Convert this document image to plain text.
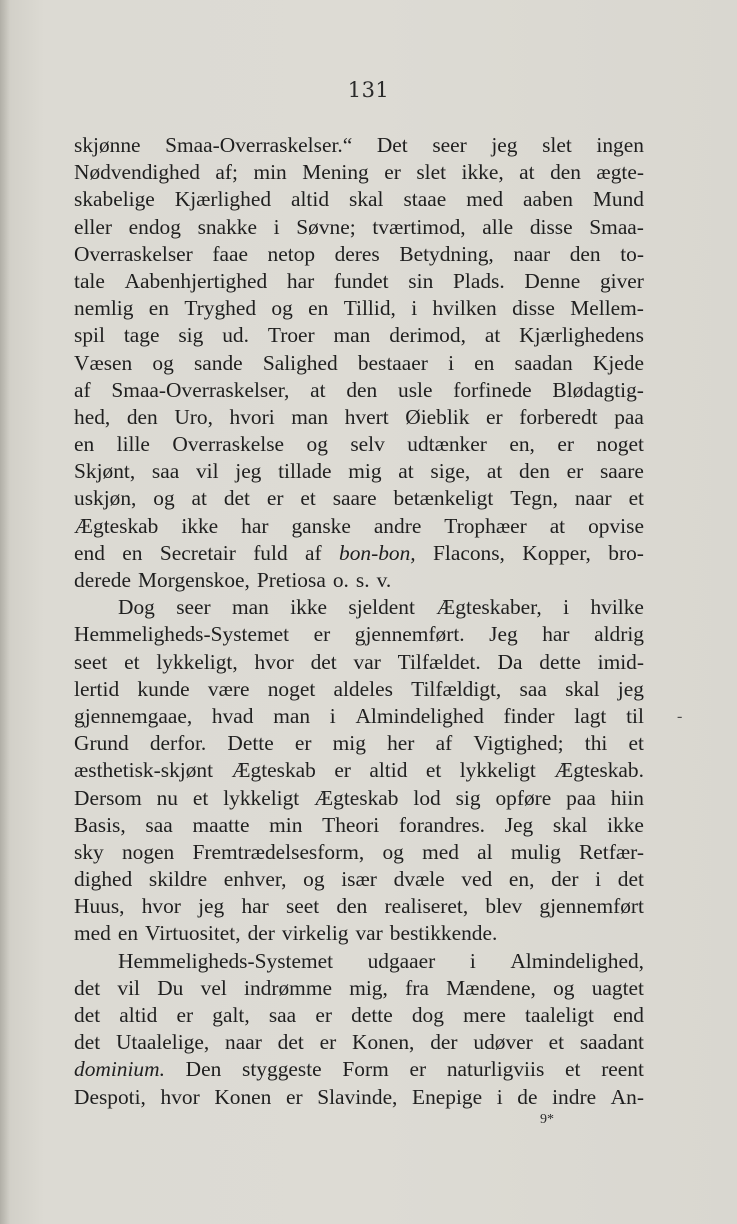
131
skjønne Smaa-Overraskelser.“ Det seer jeg slet ingen
Nødvendighed af; min Mening er slet ikke, at den ægte-
skabelige Kjærlighed altid skal staae med aaben Mund
eller endog snakke i Søvne; tværtimod, alle disse Smaa-
Overraskelser faae netop deres Betydning, naar den to-
tale Aabenhjertighed har fundet sin Plads. Denne giver
nemlig en Tryghed og en Tillid, i hvilken disse Mellem-
spil tage sig ud. Troer man derimod, at Kjærlighedens
Væsen og sande Salighed bestaaer i en saadan Kjede
af Smaa-Overraskelser, at den usle forfinede Blødagtig-
hed, den Uro, hvori man hvert Øieblik er forberedt paa
en lille Overraskelse og selv udtænker en, er noget
Skjønt, saa vil jeg tillade mig at sige, at den er saare
uskjøn, og at det er et saare betænkeligt Tegn, naar et
Ægteskab ikke har ganske andre Trophæer at opvise
end en Secretair fuld af bon-bon, Flacons, Kopper, bro-
derede Morgenskoe, Pretiosa o. s. v.
Dog seer man ikke sjeldent Ægteskaber, i hvilke
Hemmeligheds-Systemet er gjennemført. Jeg har aldrig
seet et lykkeligt, hvor det var Tilfældet. Da dette imid-
lertid kunde være noget aldeles Tilfældigt, saa skal jeg
gjennemgaae, hvad man i Almindelighed finder lagt til
Grund derfor. Dette er mig her af Vigtighed; thi et
æsthetisk-skjønt Ægteskab er altid et lykkeligt Ægteskab.
Dersom nu et lykkeligt Ægteskab lod sig opføre paa hiin
Basis, saa maatte min Theori forandres. Jeg skal ikke
sky nogen Fremtrædelsesform, og med al mulig Retfær-
dighed skildre enhver, og især dvæle ved en, der i det
Huus, hvor jeg har seet den realiseret, blev gjennemført
med en Virtuositet, der virkelig var bestikkende.
Hemmeligheds-Systemet udgaaer i Almindelighed,
det vil Du vel indrømme mig, fra Mændene, og uagtet
det altid er galt, saa er dette dog mere taaleligt end
det Utaalelige, naar det er Konen, der udøver et saadant
dominium. Den styggeste Form er naturligviis et reent
Despoti, hvor Konen er Slavinde, Enepige i de indre An-
-
9*
